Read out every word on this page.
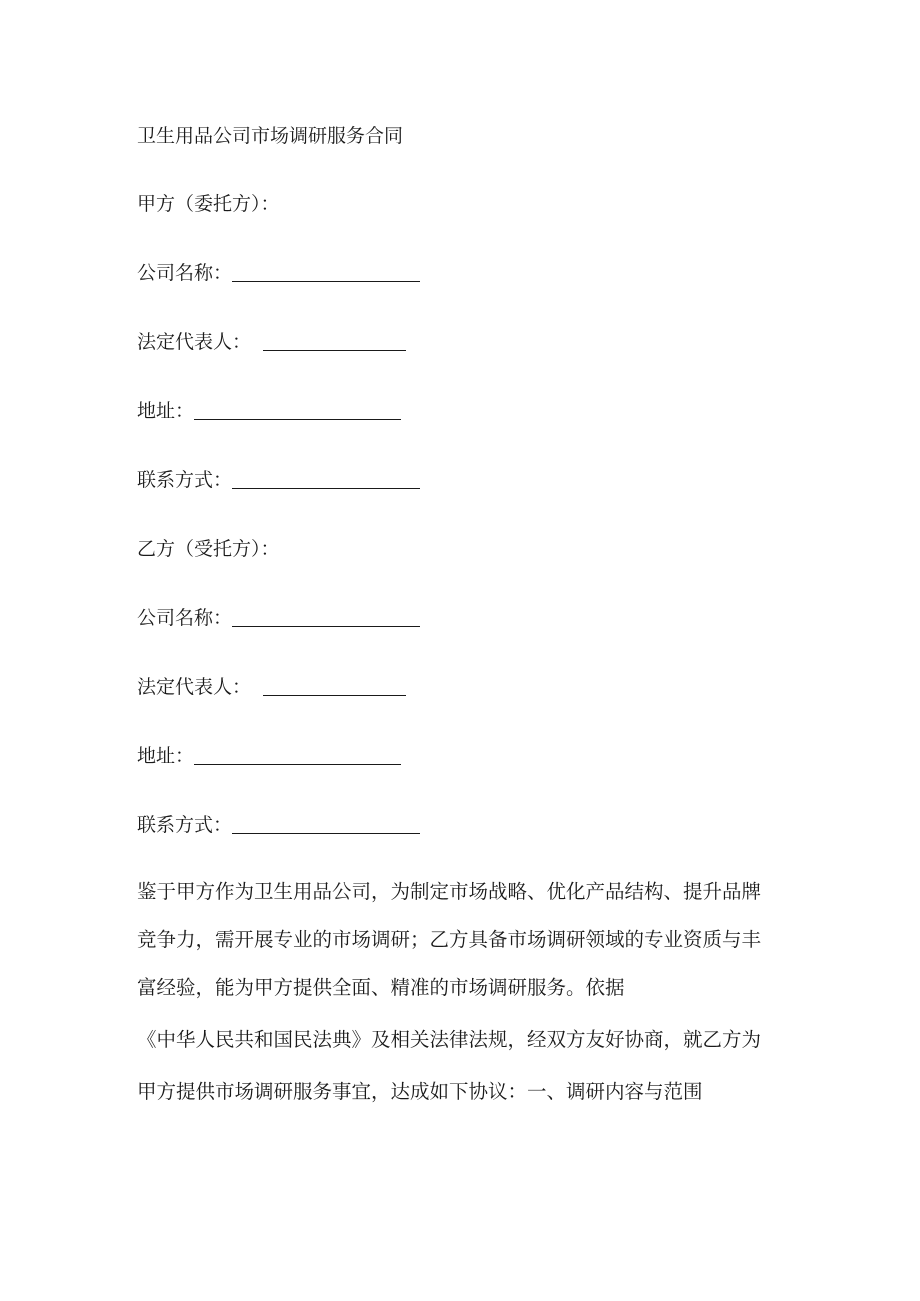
卫生用品公司市场调研服务合同

甲方（委托方）：

公司名称：
法定代表人：
地址：
联系方式：

乙方（受托方）：

公司名称：
法定代表人：
地址：
联系方式：

鉴于甲方作为卫生用品公司，为制定市场战略、优化产品结构、提升品牌

竞争力，需开展专业的市场调研；乙方具备市场调研领域的专业资质与丰

富经验，能为甲方提供全面、精准的市场调研服务。依据

《中华人民共和国民法典》及相关法律法规，经双方友好协商，就乙方为

甲方提供市场调研服务事宜，达成如下协议：一、调研内容与范围
